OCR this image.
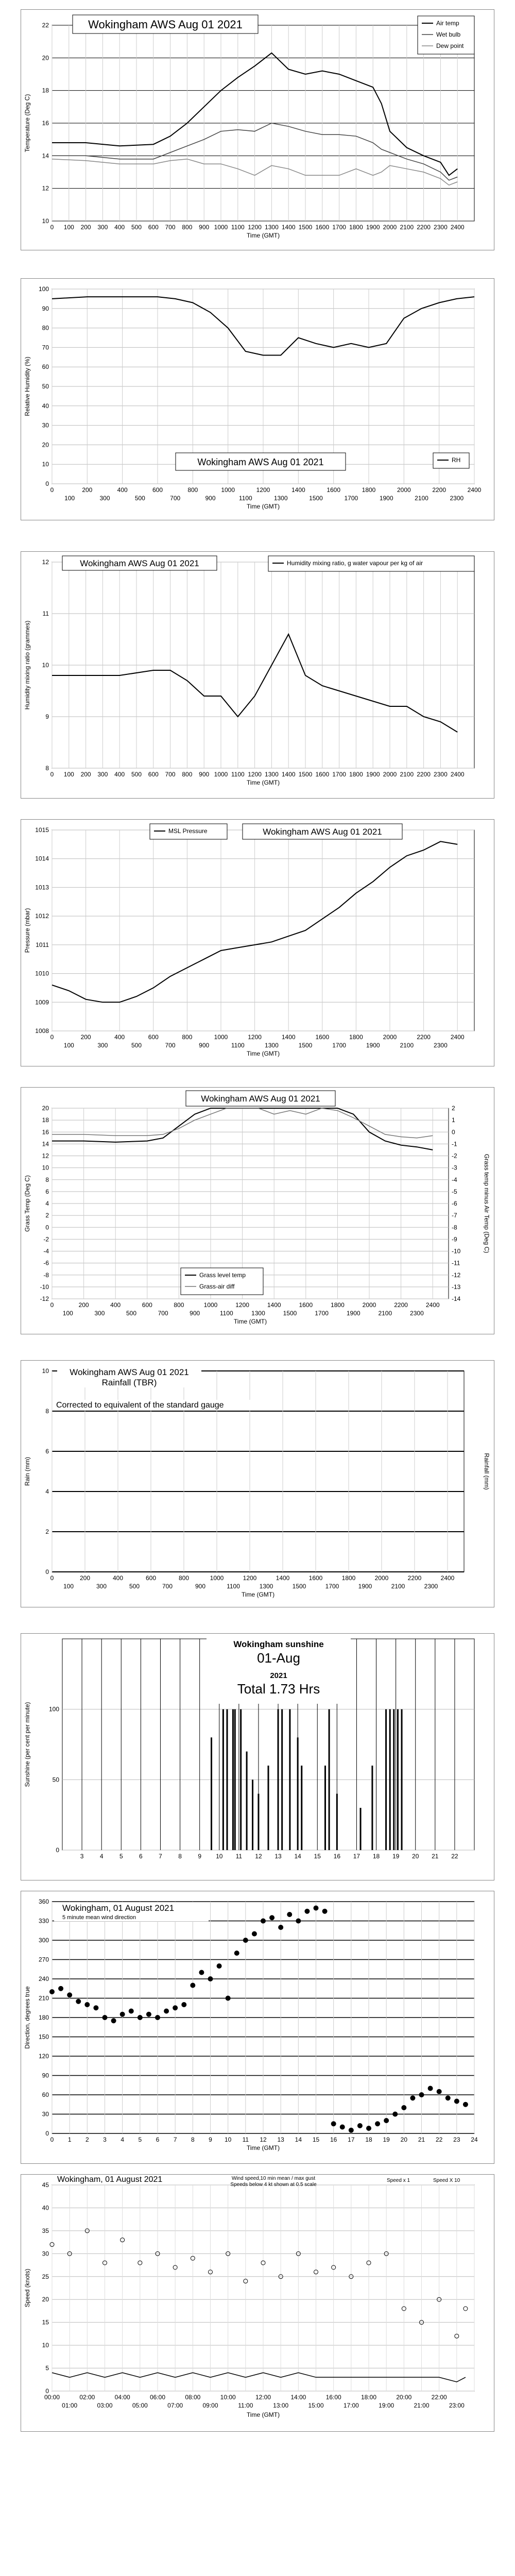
10
12
14
16
18
20
22
0 100 200 300 400 500 600 700 800 900 1000 1100 1200 1300 1400 1500 1600 1700 1800 1900 2000 2100 2200 2300 2400
Time (GMT)
Temperature (Deg C)
Wokingham AWS Aug 01 2021	Air temp
Wet bulb
Dew point
0
10
20
30
40
50
60
70
80
90
100
0	200	400	600	800	1000	1200	1400	1600	1800	2000	2200	2400
100	300	500	700	900	1100	1300	1500	1700	1900	2100	2300
Time (GMT)
Relative Humidity (%)
Wokingham AWS Aug 01 2021	RH
8
9
10
11
12
0 100 200 300 400 500 600 700 800 900 1000 1100 1200 1300 1400 1500 1600 1700 1800 1900 2000 2100 2200 2300 2400
Time (GMT)
Humidity mixing ratio (grammes)
Wokingham AWS Aug 01 2021	Humidity mixing ratio, g water vapour per kg of air
1008
1009
1010
1011
1012
1013
1014
1015
0	200	400	600	800	1000	1200	1400	1600	1800	2000	2200	2400
100	300	500	700	900	1100	1300	1500	1700	1900	2100	2300
Time (GMT)
Pressure (mbar)
MSL Pressure	Wokingham AWS Aug 01 2021
-12
-10
-8
-6
-4
-2
0
2
4
6
8
10
12
14
16
18
20
0	200	400	600	800	1000	1200	1400	1600	1800	2000	2200	2400
100	300	500	700	900	1100	1300	1500	1700	1900	2100	2300
Time (GMT)
Grass Temp (Deg C)
-14
-13
-12
-11
-10
-9
-8
-7
-6
-5
-4
-3
-2
-1
0
1
2
Grass temp minus Air Temp (Deg C)
Wokingham AWS Aug 01 2021
Grass level temp
Grass-air diff
0
2
4
6
8
10
0	200	400	600	800	1000	1200	1400	1600	1800	2000	2200	2400
100	300	500	700	900	1100	1300	1500	1700	1900	2100	2300
Time (GMT)
Rain (mm)	Rainfall (mm)
Wokingham AWS Aug 01 2021
Rainfall (TBR)
Corrected to equivalent of the standard gauge
0
50
100
3	4	5	6	7	8	9 10 11 12 13 14 15 16 17 18 19 20 21 22
Sunshine (per cent per minute)
Wokingham sunshine
01-Aug
2021
Total 1.73 Hrs
0
30
60
90
120
150
180
210
240
270
300
330
360
0 1 2 3 4 5 6 7 8 9 10 11 12 13 14 15 16 17 18 19 20 21 22 23 24
Time (GMT)
Direction, degrees true
Wokingham, 01 August 2021
5 minute mean wind direction
0
5
10
15
20
25
30
35
40
45
00:00	02:00	04:00	06:00	08:00	10:00	12:00	14:00	16:00	18:00	20:00	22:00
01:00	03:00	05:00	07:00	09:00	11:00	13:00	15:00	17:00	19:00	21:00	23:00
Time (GMT)
Speed (knots)
Wokingham, 01 August 2021	Wind speed,10 min mean / max gust
Speeds below 4 kt shown at 0.5 scale
Speed x 1	Speed X 10
